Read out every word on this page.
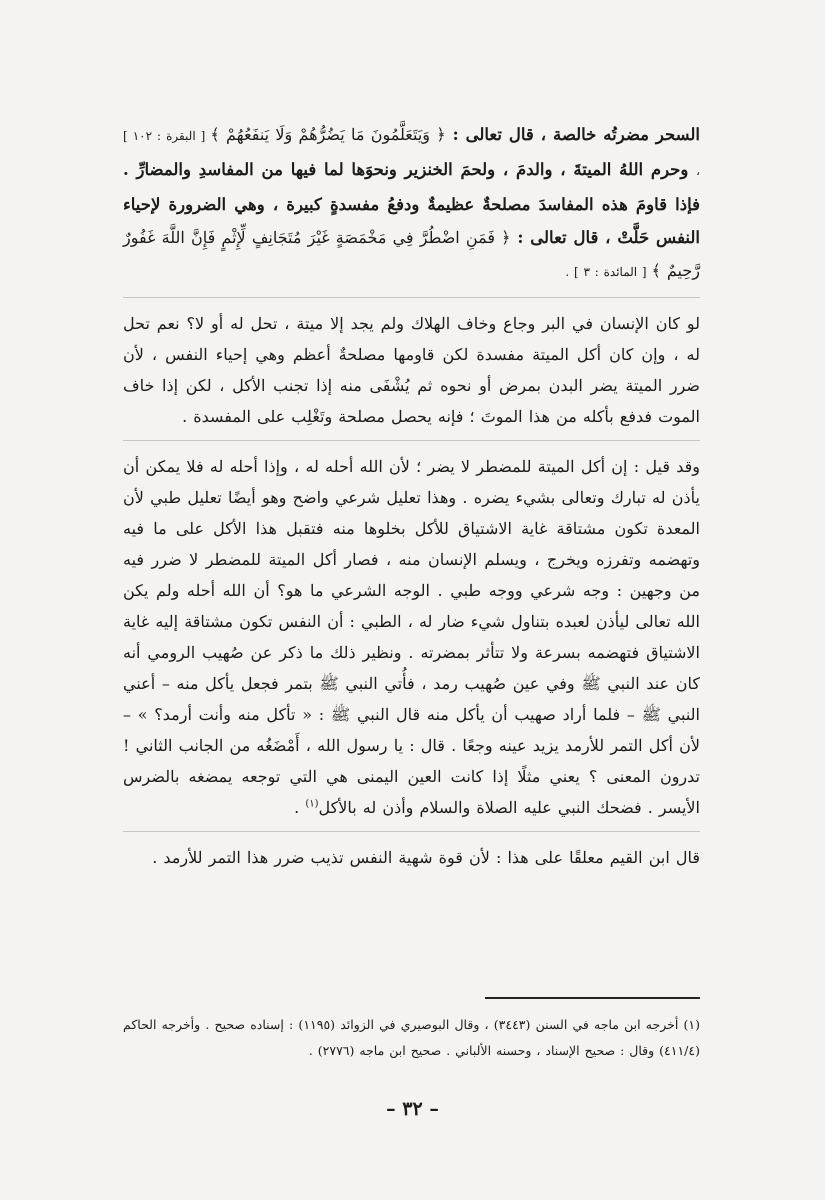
السحر مضرتُه خالصة ، قال تعالى : ﴿ وَيَتَعَلَّمُونَ مَا يَضُرُّهُمْ وَلَا يَنفَعُهُمْ ﴾ [ البقرة : ١٠٢ ] ، وحرم اللهُ الميتةَ ، والدمَ ، ولحمَ الخنزير ونحوَها لما فيها من المفاسدِ والمضارِّ . فإذا قاومَ هذه المفاسدَ مصلحةٌ عظيمةٌ ودفعُ مفسدةٍ كبيرة ، وهي الضرورة لإحياء النفس حَلَّتْ ، قال تعالى : ﴿ فَمَنِ اضْطُرَّ فِي مَخْمَصَةٍ غَيْرَ مُتَجَانِفٍ لِّإِثْمٍ فَإِنَّ اللَّهَ غَفُورٌ رَّحِيمٌ ﴾ [ المائدة : ٣ ] .

لو كان الإنسان في البر وجاع وخاف الهلاك ولم يجد إلا ميتة ، تحل له أو لا؟ نعم تحل له ، وإن كان أكل الميتة مفسدة لكن قاومها مصلحةٌ أعظم وهي إحياء النفس ، لأن ضرر الميتة يضر البدن بمرض أو نحوه ثم يُشْفَى منه إذا تجنب الأكل ، لكن إذا خاف الموت فدفع بأكله من هذا الموتَ ؛ فإنه يحصل مصلحة وتَغْلِب على المفسدة .

وقد قيل : إن أكل الميتة للمضطر لا يضر ؛ لأن الله أحله له ، وإذا أحله له فلا يمكن أن يأذن له تبارك وتعالى بشيء يضره . وهذا تعليل شرعي واضح وهو أيضًا تعليل طبي لأن المعدة تكون مشتاقة غاية الاشتياق للأكل بخلوها منه فتقبل هذا الأكل على ما فيه وتهضمه وتفرزه ويخرج ، ويسلم الإنسان منه ، فصار أكل الميتة للمضطر لا ضرر فيه من وجهين : وجه شرعي ووجه طبي . الوجه الشرعي ما هو؟ أن الله أحله ولم يكن الله تعالى ليأذن لعبده بتناول شيء ضار له ، الطبي : أن النفس تكون مشتاقة إليه غاية الاشتياق فتهضمه بسرعة ولا تتأثر بمضرته . ونظير ذلك ما ذكر عن صُهيب الرومي أنه كان عند النبي ﷺ وفي عين صُهيب رمد ، فأُتي النبي ﷺ بتمر فجعل يأكل منه – أعني النبي ﷺ – فلما أراد صهيب أن يأكل منه قال النبي ﷺ : « تأكل منه وأنت أرمد؟ » – لأن أكل التمر للأرمد يزيد عينه وجعًا . قال : يا رسول الله ، أَمْضَغُه من الجانب الثاني ! تدرون المعنى ؟ يعني مثلًا إذا كانت العين اليمنى هي التي توجعه يمضغه بالضرس الأيسر . فضحك النبي عليه الصلاة والسلام وأذن له بالأكل$^{(١)}$ .

قال ابن القيم معلقًا على هذا : لأن قوة شهية النفس تذيب ضرر هذا التمر للأرمد .

(١) أخرجه ابن ماجه في السنن (٣٤٤٣) ، وقال البوصيري في الزوائد (١١٩٥) : إسناده صحيح . وأخرجه الحاكم (٤١١/٤) وقال : صحيح الإسناد ، وحسنه الألباني . صحيح ابن ماجه (٢٧٧٦) .

– ٣٢ –
